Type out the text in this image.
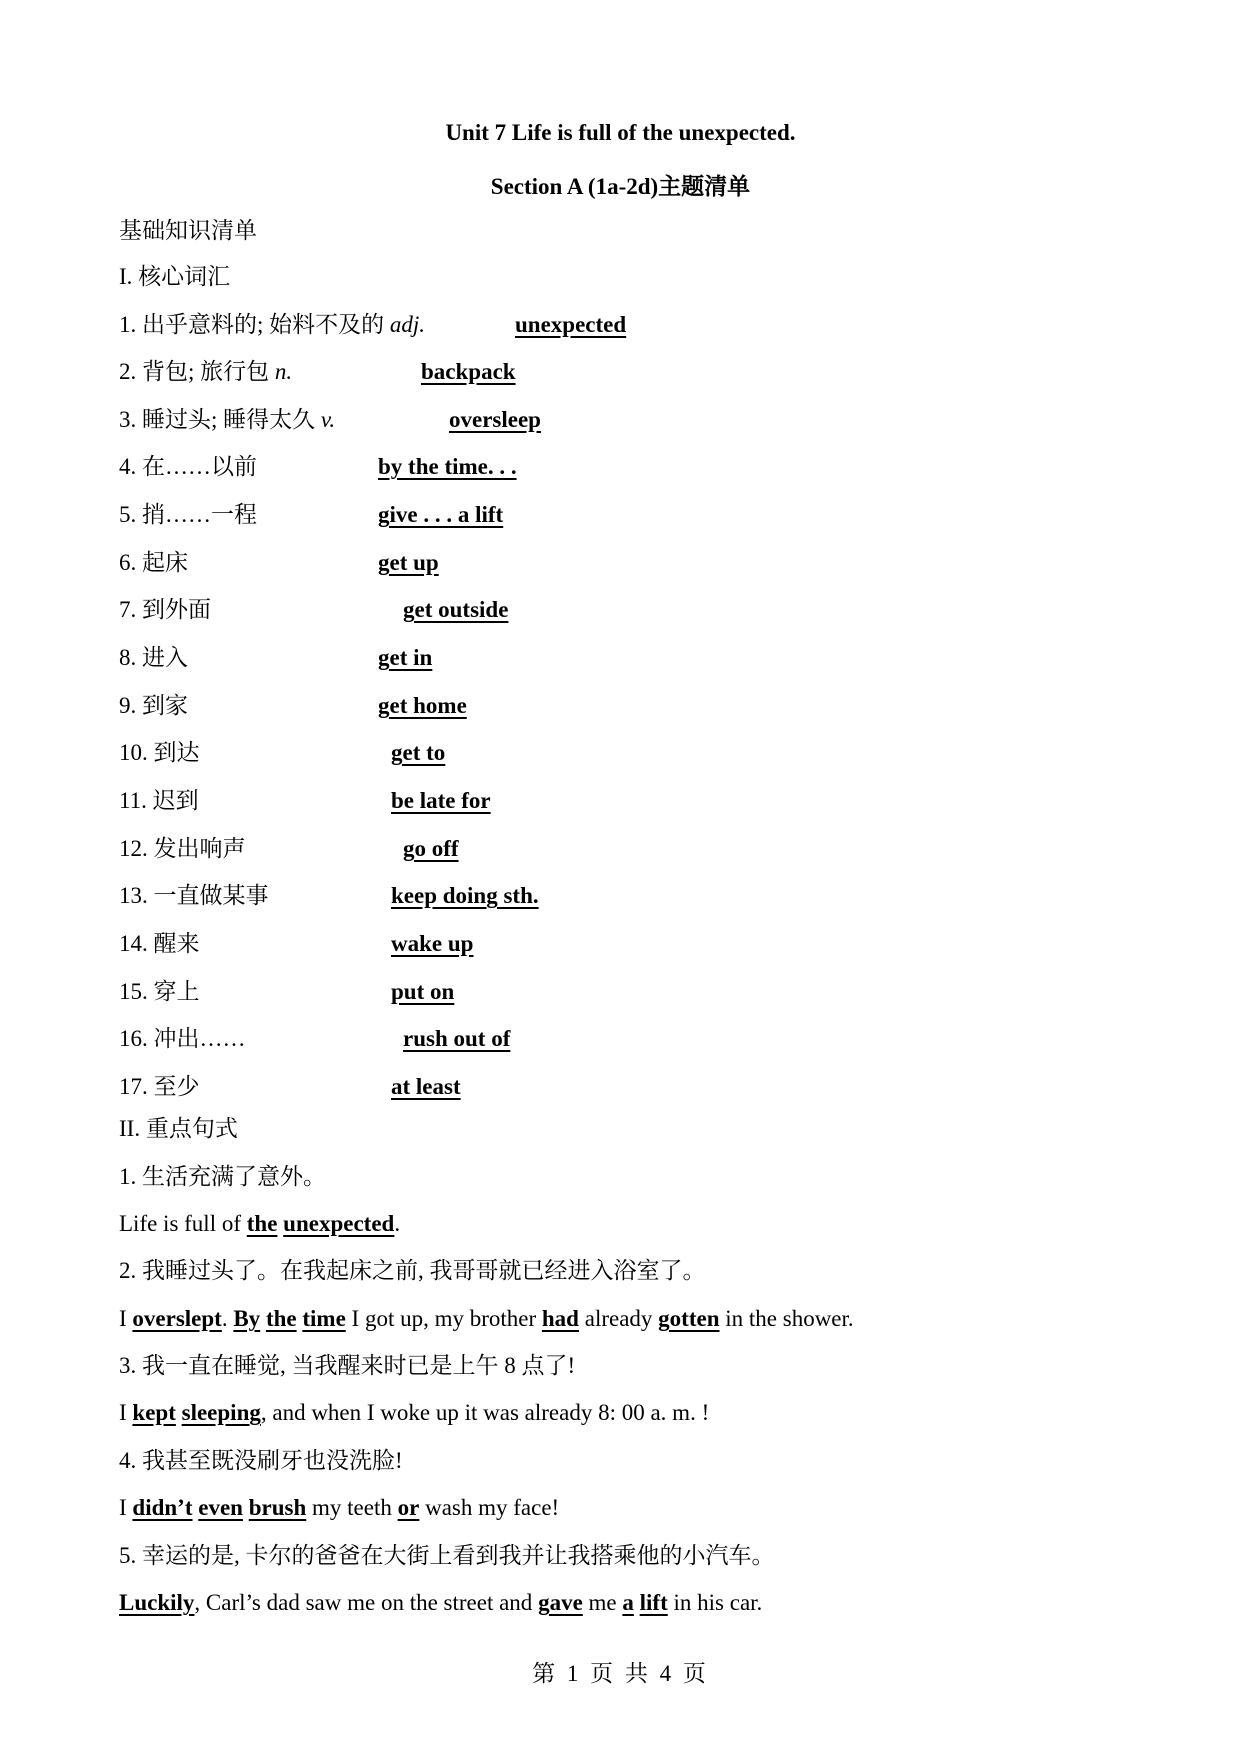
Unit 7 Life is full of the unexpected.
Section A (1a-2d)主题清单
基础知识清单
I. 核心词汇
1. 出乎意料的; 始料不及的 adj.	unexpected
2. 背包; 旅行包 n.	backpack
3. 睡过头; 睡得太久 v.	oversleep
4. 在……以前	by the time. . .
5. 捎……一程	give . . . a lift
6. 起床	get up
7. 到外面	get outside
8. 进入	get in
9. 到家	get home
10. 到达	get to
11. 迟到	be late for
12. 发出响声	go off
13. 一直做某事	keep doing sth.
14. 醒来	wake up
15. 穿上	put on
16. 冲出……	rush out of
17. 至少	at least
II. 重点句式
1. 生活充满了意外。
Life is full of the unexpected.
2. 我睡过头了。在我起床之前, 我哥哥就已经进入浴室了。
I overslept. By the time I got up, my brother had already gotten in the shower.
3. 我一直在睡觉, 当我醒来时已是上午 8 点了!
I kept sleeping, and when I woke up it was already 8: 00 a. m. !
4. 我甚至既没刷牙也没洗脸!
I didn’t even brush my teeth or wash my face!
5. 幸运的是, 卡尔的爸爸在大街上看到我并让我搭乘他的小汽车。
Luckily, Carl’s dad saw me on the street and gave me a lift in his car.
第 1 页 共 4 页
